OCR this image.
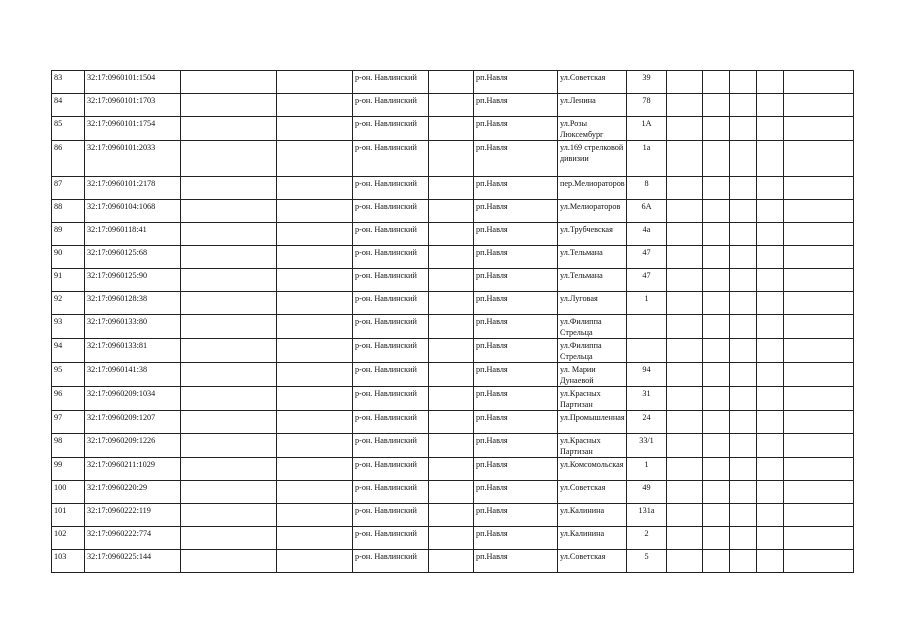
83	32:17:0960101:1504			р-он. Навлинский		рп.Навля	ул.Советская	39					
84	32:17:0960101:1703			р-он. Навлинский		рп.Навля	ул.Ленина	78					
85	32:17:0960101:1754			р-он. Навлинский		рп.Навля	ул.Розы Люксембург	1А					
86	32:17:0960101:2033			р-он. Навлинский		рп.Навля	ул.169 стрелковой дивизии	1а					
87	32:17:0960101:2178			р-он. Навлинский		рп.Навля	пер.Мелиораторов	8					
88	32:17:0960104:1068			р-он. Навлинский		рп.Навля	ул.Мелиораторов	6А					
89	32:17:0960118:41			р-он. Навлинский		рп.Навля	ул.Трубчевская	4а					
90	32:17:0960125:68			р-он. Навлинский		рп.Навля	ул.Тельмана	47					
91	32:17:0960125:90			р-он. Навлинский		рп.Навля	ул.Тельмана	47					
92	32:17:0960128:38			р-он. Навлинский		рп.Навля	ул.Луговая	1					
93	32:17:0960133:80			р-он. Навлинский		рп.Навля	ул.Филиппа Стрельца						
94	32:17:0960133:81			р-он. Навлинский		рп.Навля	ул.Филиппа Стрельца						
95	32:17:0960141:38			р-он. Навлинский		рп.Навля	ул. Марии Дунаевой	94					
96	32:17:0960209:1034			р-он. Навлинский		рп.Навля	ул.Красных Партизан	31					
97	32:17:0960209:1207			р-он. Навлинский		рп.Навля	ул.Промышленная	24					
98	32:17:0960209:1226			р-он. Навлинский		рп.Навля	ул.Красных Партизан	33/1					
99	32:17:0960211:1029			р-он. Навлинский		рп.Навля	ул.Комсомольская	1					
100	32:17:0960220:29			р-он. Навлинский		рп.Навля	ул.Советская	49					
101	32:17:0960222:119			р-он. Навлинский		рп.Навля	ул.Калинина	131а					
102	32:17:0960222:774			р-он. Навлинский		рп.Навля	ул.Калинина	2					
103	32:17:0960225:144			р-он. Навлинский		рп.Навля	ул.Советская	5					
